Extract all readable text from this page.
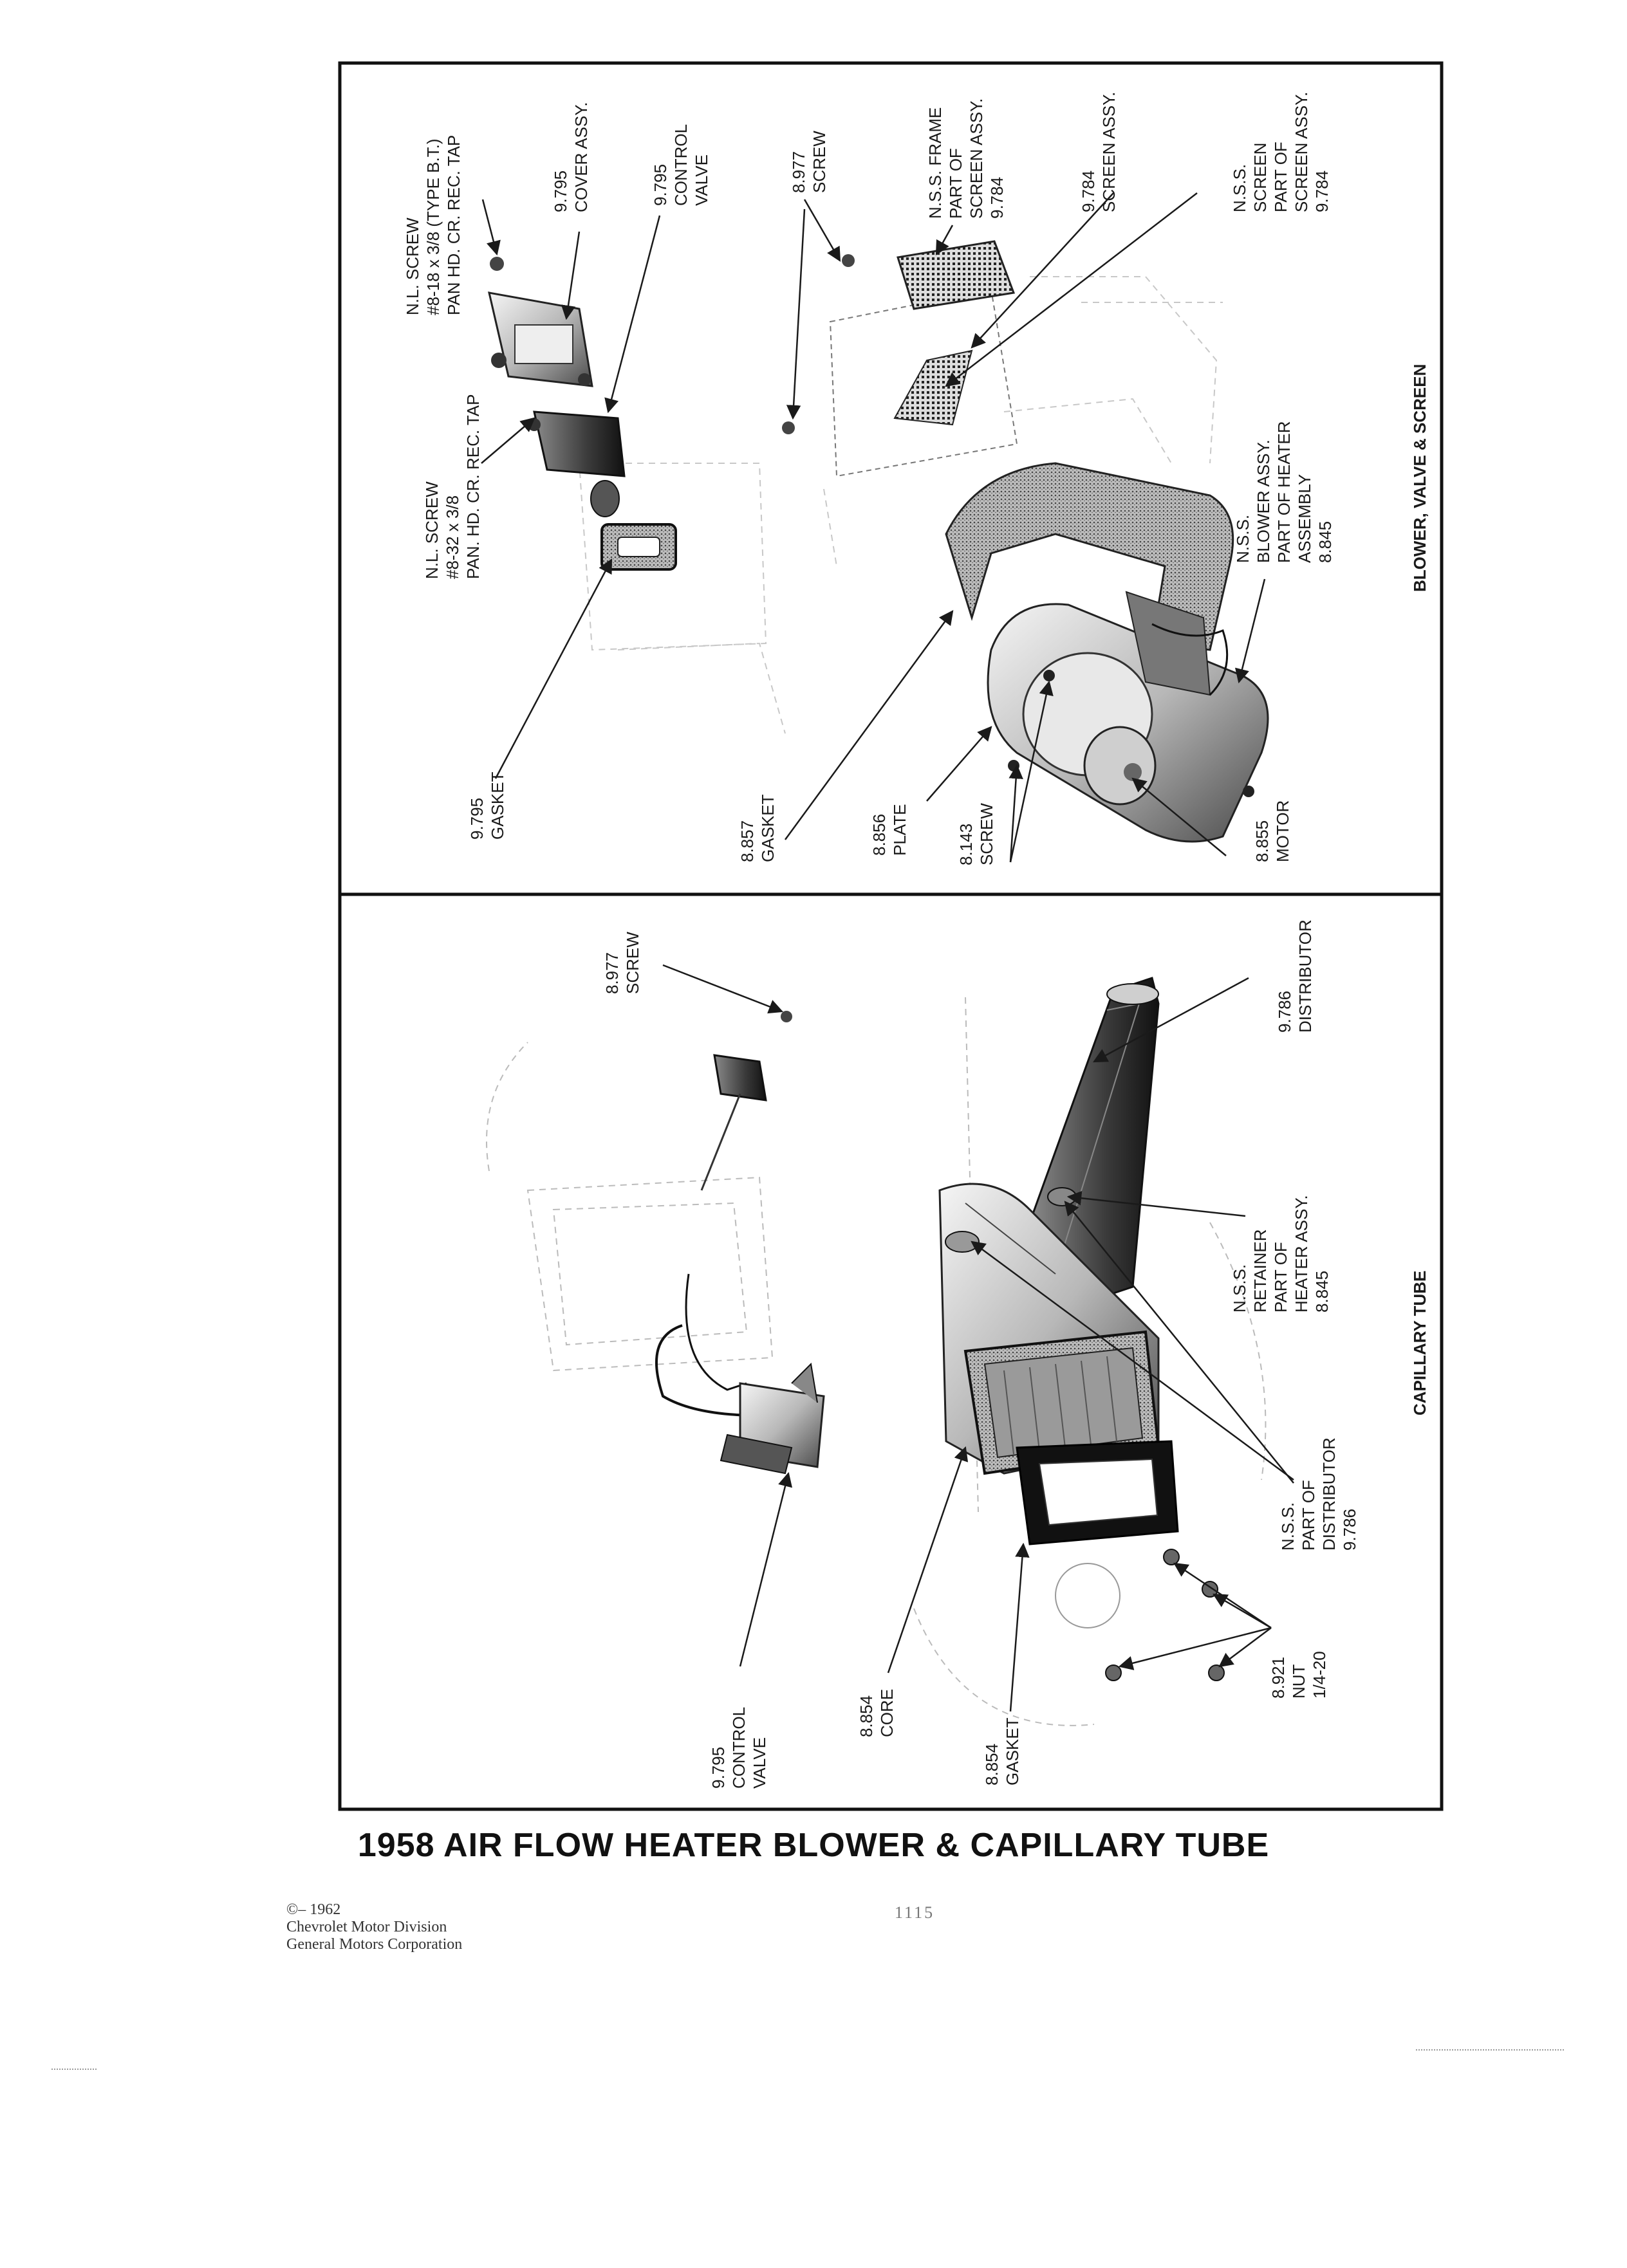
N.L. SCREW #8-18 x 3/8 (TYPE B.T.) PAN HD. CR. REC. TAP	9.795 COVER ASSY.	9.795 CONTROL VALVE	8.977 SCREW	N.S.S. FRAME PART OF SCREEN ASSY. 9.784	9.784 SCREEN ASSY.	N.S.S. SCREEN PART OF SCREEN ASSY. 9.784
N.L. SCREW #8-32 x 3/8 PAN. HD. CR. REC. TAP	N.S.S. BLOWER ASSY. PART OF HEATER ASSEMBLY 8.845
9.795 GASKET
8.857 GASKET	8.856 PLATE	8.143 SCREW	8.855 MOTOR
BLOWER, VALVE & SCREEN
8.977 SCREW
9.786 DISTRIBUTOR
N.S.S. RETAINER PART OF HEATER ASSY. 8.845
N.S.S. PART OF DISTRIBUTOR 9.786
8.921 NUT 1/4-20
9.795 CONTROL VALVE
8.854 CORE
8.854 GASKET
CAPILLARY TUBE
1958 AIR FLOW HEATER BLOWER & CAPILLARY TUBE
©– 1962
Chevrolet Motor Division
General Motors Corporation
1115
